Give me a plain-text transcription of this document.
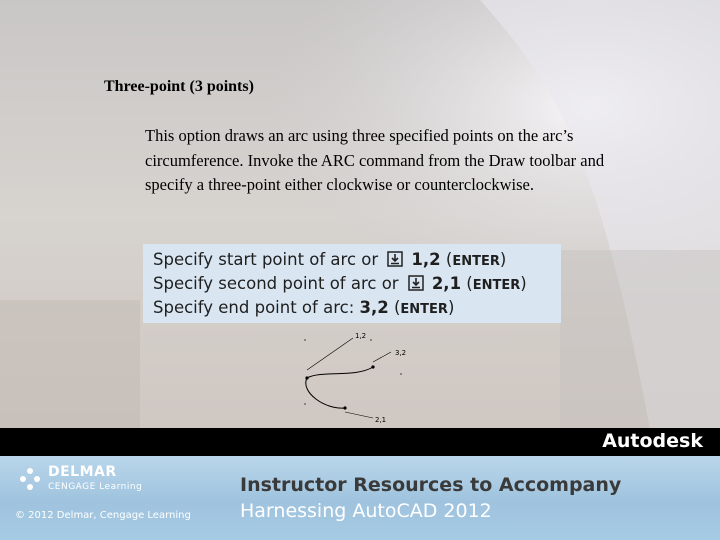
Three-point (3 points)
This option draws an arc using three specified points on the arc’s circumference. Invoke the ARC command from the Draw toolbar and specify a three-point either clockwise or counterclockwise.
Specify start point of arc or 1,2 (ENTER)
Specify second point of arc or 2,1 (ENTER)
Specify end point of arc: 3,2 (ENTER)
1,2
3,2
2,1
Autodesk
DELMAR
CENGAGE Learning
© 2012 Delmar, Cengage Learning
Instructor Resources to Accompany
Harnessing AutoCAD 2012
